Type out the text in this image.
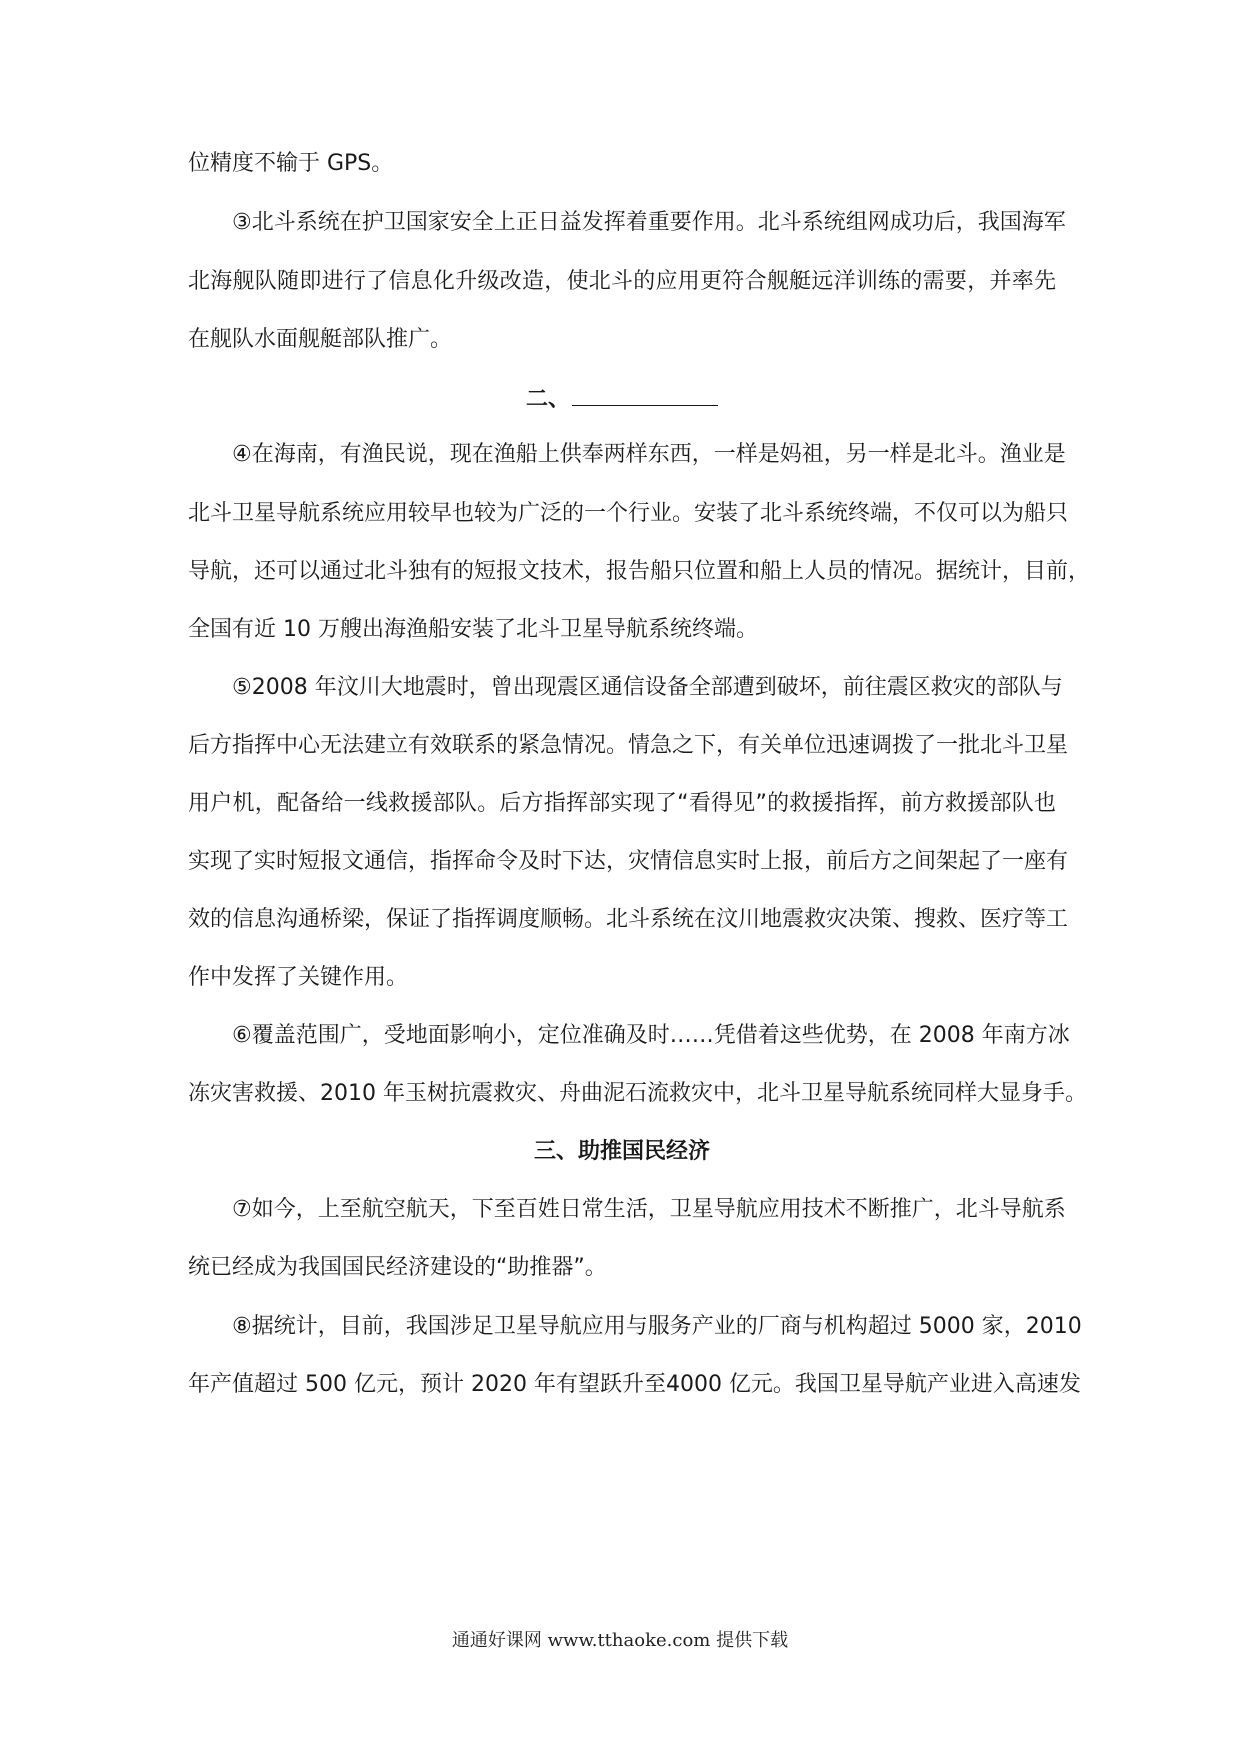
位精度不输于 GPS。
③北斗系统在护卫国家安全上正日益发挥着重要作用。北斗系统组网成功后，我国海军
北海舰队随即进行了信息化升级改造，使北斗的应用更符合舰艇远洋训练的需要，并率先
在舰队水面舰艇部队推广。
二、
④在海南，有渔民说，现在渔船上供奉两样东西，一样是妈祖，另一样是北斗。渔业是
北斗卫星导航系统应用较早也较为广泛的一个行业。安装了北斗系统终端，不仅可以为船只
导航，还可以通过北斗独有的短报文技术，报告船只位置和船上人员的情况。据统计，目前，
全国有近 10 万艘出海渔船安装了北斗卫星导航系统终端。
⑤2008 年汶川大地震时，曾出现震区通信设备全部遭到破坏，前往震区救灾的部队与
后方指挥中心无法建立有效联系的紧急情况。情急之下，有关单位迅速调拨了一批北斗卫星
用户机，配备给一线救援部队。后方指挥部实现了“看得见”的救援指挥，前方救援部队也
实现了实时短报文通信，指挥命令及时下达，灾情信息实时上报，前后方之间架起了一座有
效的信息沟通桥梁，保证了指挥调度顺畅。北斗系统在汶川地震救灾决策、搜救、医疗等工
作中发挥了关键作用。
⑥覆盖范围广，受地面影响小，定位准确及时……凭借着这些优势，在 2008 年南方冰
冻灾害救援、2010 年玉树抗震救灾、舟曲泥石流救灾中，北斗卫星导航系统同样大显身手。
三、助推国民经济
⑦如今，上至航空航天，下至百姓日常生活，卫星导航应用技术不断推广，北斗导航系
统已经成为我国国民经济建设的“助推器”。
⑧据统计，目前，我国涉足卫星导航应用与服务产业的厂商与机构超过 5000 家，2010
年产值超过 500 亿元，预计 2020 年有望跃升至4000 亿元。我国卫星导航产业进入高速发
通通好课网 www.tthaoke.com 提供下载
